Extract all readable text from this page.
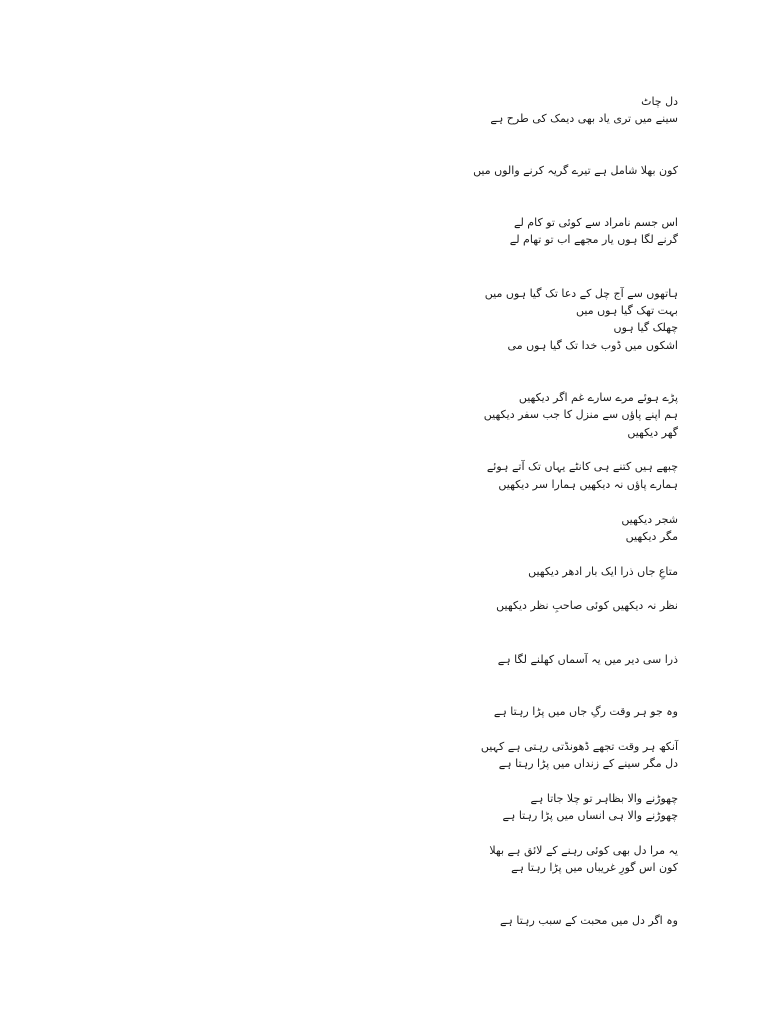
دل چاٹ
سینے میں تری یاد بھی دیمک کی طرح ہے
کون بھلا شامل ہے تیرے گریہ کرنے والوں میں
اس جسم نامراد سے کوئی تو کام لے
گرنے لگا ہوں یار مجھے اب تو تھام لے
ہاتھوں سے آج چل کے دعا تک گیا ہوں میں
بہت تھک گیا ہوں میں
چھلک گیا ہوں
اشکوں میں ڈوب خدا تک گیا ہوں می
پڑے ہوئے مرے سارے غم اگر دیکھیں
ہم اپنے پاؤں سے منزل کا جب سفر دیکھیں
گھر دیکھیں
چبھے ہیں کتنے ہی کانٹے یہاں تک آتے ہوئے
ہمارے پاؤں نہ دیکھیں ہمارا سر دیکھیں
شجر دیکھیں
مگر دیکھیں
متاعِ جاں ذرا ایک بار ادھر دیکھیں
نظر نہ دیکھیں کوئی صاحبِ نظر دیکھیں
ذرا سی دیر میں یہ آسماں کھلنے لگا ہے
وہ جو ہر وقت رگِ جاں میں پڑا رہتا ہے
آنکھ ہر وقت تجھے ڈھونڈتی رہتی ہے کہیں
دل مگر سینے کے زنداں میں پڑا رہتا ہے
چھوڑنے والا بظاہر تو چلا جاتا ہے
چھوڑنے والا ہی انساں میں پڑا رہتا ہے
یہ مرا دل بھی کوئی رہنے کے لائق ہے بھلا
کون اس گورِ غریباں میں پڑا رہتا ہے
وہ اگر دل میں محبت کے سبب رہتا ہے
